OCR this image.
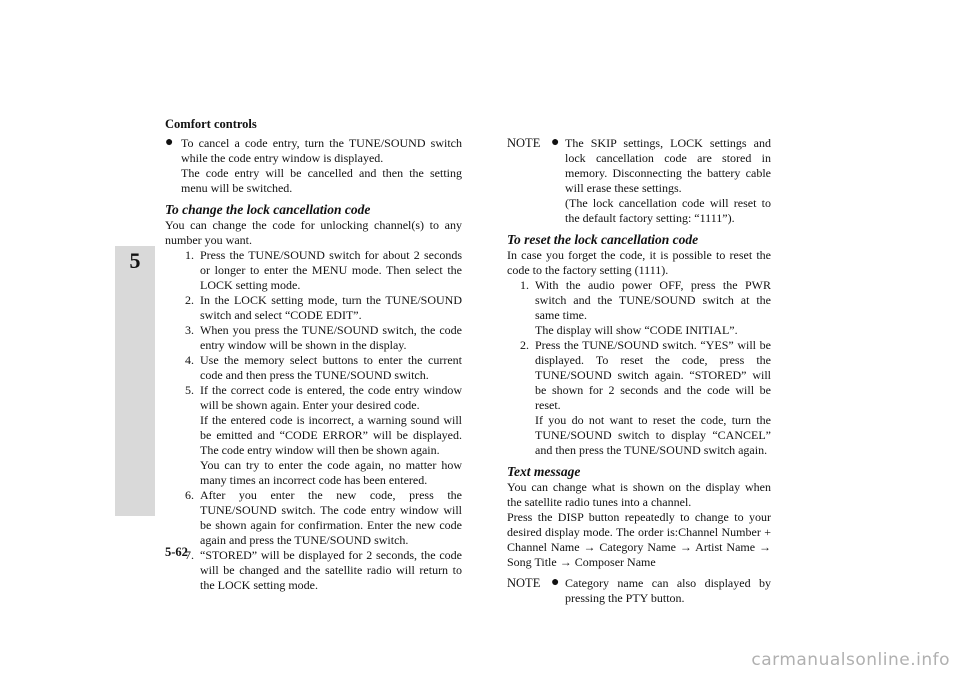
Comfort controls
5
● To cancel a code entry, turn the TUNE/SOUND switch while the code entry window is displayed.
The code entry will be cancelled and then the setting menu will be switched.

To change the lock cancellation code

You can change the code for unlocking channel(s) to any number you want.

1. Press the TUNE/SOUND switch for about 2 seconds or longer to enter the MENU mode. Then select the LOCK setting mode.
2. In the LOCK setting mode, turn the TUNE/SOUND switch and select “CODE EDIT”.
3. When you press the TUNE/SOUND switch, the code entry window will be shown in the display.
4. Use the memory select buttons to enter the current code and then press the TUNE/SOUND switch.
5. If the correct code is entered, the code entry window will be shown again. Enter your desired code.
If the entered code is incorrect, a warning sound will be emitted and “CODE ERROR” will be displayed. The code entry window will then be shown again.
You can try to enter the code again, no matter how many times an incorrect code has been entered.
6. After you enter the new code, press the TUNE/SOUND switch. The code entry window will be shown again for confirmation. Enter the new code again and press the TUNE/SOUND switch.
7. “STORED” will be displayed for 2 seconds, the code will be changed and the satellite radio will return to the LOCK setting mode.
NOTE ● The SKIP settings, LOCK settings and lock cancellation code are stored in memory. Disconnecting the battery cable will erase these settings.
(The lock cancellation code will reset to the default factory setting: “1111”).

To reset the lock cancellation code

In case you forget the code, it is possible to reset the code to the factory setting (1111).

1. With the audio power OFF, press the PWR switch and the TUNE/SOUND switch at the same time.
The display will show “CODE INITIAL”.
2. Press the TUNE/SOUND switch. “YES” will be displayed. To reset the code, press the TUNE/SOUND switch again. “STORED” will be shown for 2 seconds and the code will be reset.
If you do not want to reset the code, turn the TUNE/SOUND switch to display “CANCEL” and then press the TUNE/SOUND switch again.

Text message

You can change what is shown on the display when the satellite radio tunes into a channel.

Press the DISP button repeatedly to change to your desired display mode. The order is:Channel Number + Channel Name → Category Name → Artist Name → Song Title → Composer Name

NOTE ● Category name can also displayed by pressing the PTY button.
5-62
carmanualsonline.info
